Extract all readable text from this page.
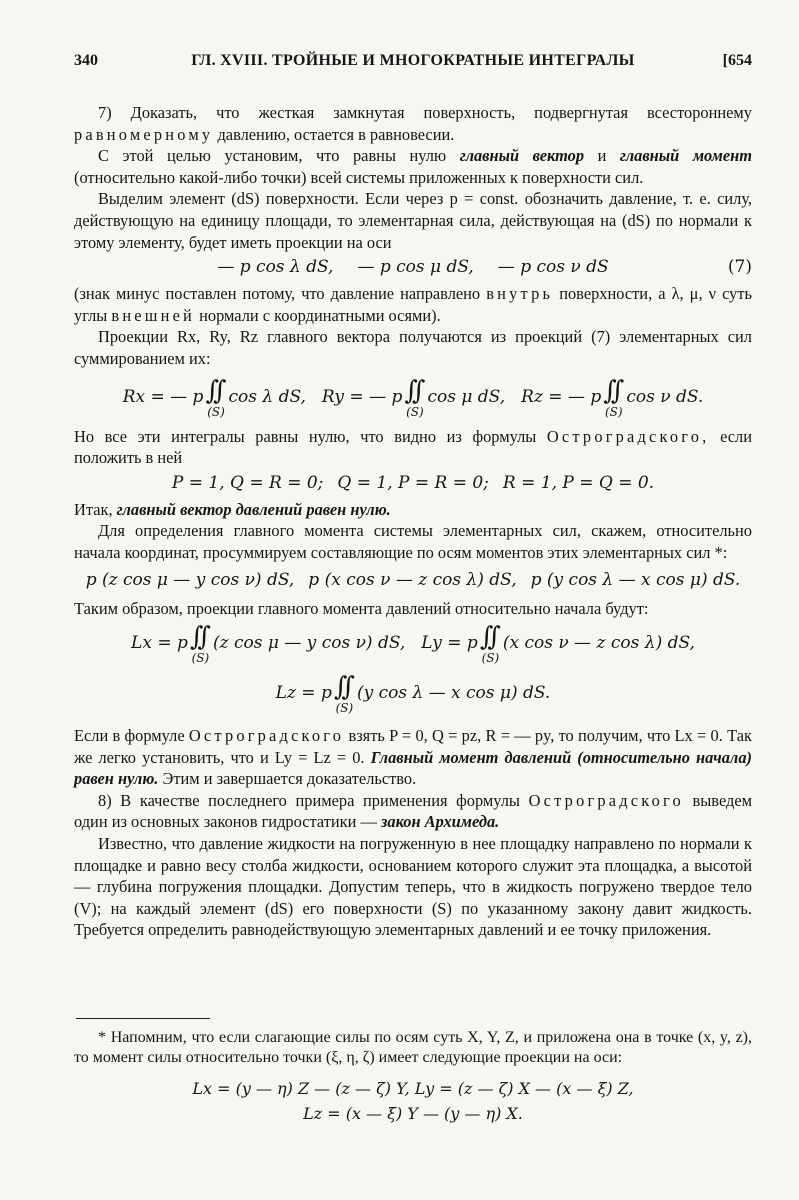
340	ГЛ. XVIII. ТРОЙНЫЕ И МНОГОКРАТНЫЕ ИНТЕГРАЛЫ	[654

7) Доказать, что жесткая замкнутая поверхность, подвергнутая всестороннему равномерному давлению, остается в равновесии.

С этой целью установим, что равны нулю главный вектор и главный момент (относительно какой-либо точки) всей системы приложенных к поверхности сил.

Выделим элемент (dS) поверхности. Если через p = const. обозначить давление, т. е. силу, действующую на единицу площади, то элементарная сила, действующая на (dS) по нормали к этому элементу, будет иметь проекции на оси

— p cos λ dS, — p cos μ dS, — p cos ν dS	(7)

(знак минус поставлен потому, что давление направлено внутрь поверхности, а λ, μ, ν суть углы внешней нормали с координатными осями).

Проекции Rx, Ry, Rz главного вектора получаются из проекций (7) элементарных сил суммированием их:

Rx = — p ∫∫
(S)
cos λ dS, Ry = — p ∫∫
(S)
cos μ dS, Rz = — p ∫∫
(S)
cos ν dS.

Но все эти интегралы равны нулю, что видно из формулы Остроградского, если положить в ней

P = 1, Q = R = 0; Q = 1, P = R = 0; R = 1, P = Q = 0.

Итак, главный вектор давлений равен нулю.

Для определения главного момента системы элементарных сил, скажем, относительно начала координат, просуммируем составляющие по осям моментов этих элементарных сил *:

p (z cos μ — y cos ν) dS, p (x cos ν — z cos λ) dS, p (y cos λ — x cos μ) dS.

Таким образом, проекции главного момента давлений относительно начала будут:

Lx = p ∫∫
(S)
(z cos μ — y cos ν) dS, Ly = p ∫∫
(S)
(x cos ν — z cos λ) dS,
Lz = p ∫∫
(S)
(y cos λ — x cos μ) dS.

Если в формуле Остроградского взять P = 0, Q = pz, R = — py, то получим, что Lx = 0. Так же легко установить, что и Ly = Lz = 0. Главный момент давлений (относительно начала) равен нулю. Этим и завершается доказательство.

8) В качестве последнего примера применения формулы Остроградского выведем один из основных законов гидростатики — закон Архимеда.

Известно, что давление жидкости на погруженную в нее площадку направлено по нормали к площадке и равно весу столба жидкости, основанием которого служит эта площадка, а высотой — глубина погружения площадки. Допустим теперь, что в жидкость погружено твердое тело (V); на каждый элемент (dS) его поверхности (S) по указанному закону давит жидкость. Требуется определить равнодействующую элементарных давлений и ее точку приложения.

* Напомним, что если слагающие силы по осям суть X, Y, Z, и приложена она в точке (x, y, z), то момент силы относительно точки (ξ, η, ζ) имеет следующие проекции на оси:

Lx = (y — η) Z — (z — ζ) Y, Ly = (z — ζ) X — (x — ξ) Z,
Lz = (x — ξ) Y — (y — η) X.
